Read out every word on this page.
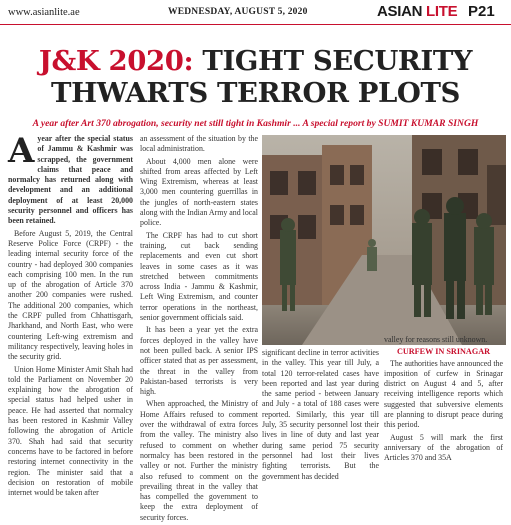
www.asianlite.ae	WEDNESDAY, AUGUST 5, 2020	ASIAN LITE P21
J&K 2020: TIGHT SECURITY
THWARTS TERROR PLOTS
A year after Art 370 abrogation, security net still tight in Kashmir ... A special report by SUMIT KUMAR SINGH

Ayear after the special status of Jammu & Kashmir was scrapped, the government claims that peace and normalcy has returned along with development and an additional deployment of at least 20,000 security personnel and officers has been retained.

Before August 5, 2019, the Central Reserve Police Force (CRPF) - the leading internal security force of the country - had deployed 300 companies each comprising 100 men. In the run up of the abrogation of Article 370 another 200 companies were rushed. The additional 200 companies, which the CRPF pulled from Chhattisgarh, Jharkhand, and North East, who were countering Left-wing extremism and militancy respectively, leaving holes in the security grid.

Union Home Minister Amit Shah had told the Parliament on November 20 explaining how the abrogation of special status had helped usher in peace. He had asserted that normalcy has been restored in Kashmir Valley following the abrogation of Article 370. Shah had said that security concerns have to be factored in before restoring internet connectivity in the region. The minister said that a decision on restoration of mobile internet would be taken after

an assessment of the situation by the local administration.

About 4,000 men alone were shifted from areas affected by Left Wing Extremism, whereas at least 3,000 men countering guerrillas in the jungles of north-eastern states along with the Indian Army and local police.

The CRPF has had to cut short training, cut back sending replacements and even cut short leaves in some cases as it was stretched between commitments across India - Jammu & Kashmir, Left Wing Extremism, and counter terror operations in the northeast, senior government officials said.

It has been a year yet the extra forces deployed in the valley have not been pulled back. A senior IPS officer stated that as per assessment, the threat in the valley from Pakistan-based terrorists is very high.

When approached, the Ministry of Home Affairs refused to comment over the withdrawal of extra forces from the valley. The ministry also refused to comment on whether normalcy has been restored in the valley or not. Further the ministry also refused to comment on the prevailing threat in the valley that has compelled the government to keep the extra deployment of security forces.

significant decline in terror activities in the valley. This year till July, a total 120 terror-related cases have been reported and last year during the same period - between January and July - a total of 188 cases were reported. Similarly, this year till July, 35 security personnel lost their lives in line of duty and last year during same period 75 security personnel had lost their lives fighting terrorists. But the government has decided

valley for reasons still unknown.

CURFEW IN SRINAGAR

The authorities have announced the imposition of curfew in Srinagar district on August 4 and 5, after receiving intelligence reports which suggested that subversive elements are planning to disrupt peace during this period.

August 5 will mark the first anniversary of the abrogation of Articles 370 and 35A
